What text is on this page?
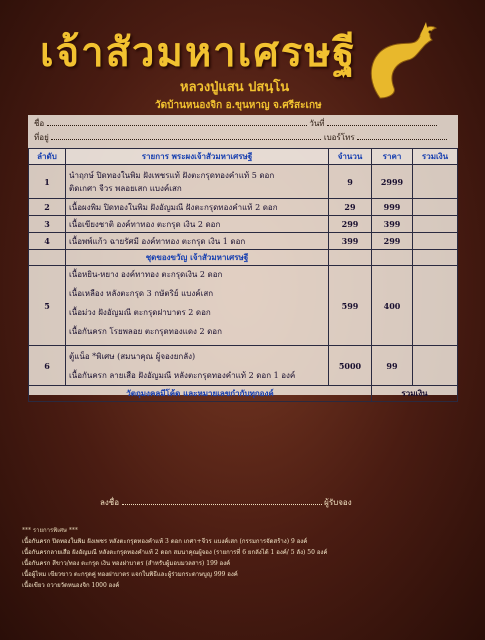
เจ้าสัวมหาเศรษฐี
หลวงปู่แสน ปสนฺโน
วัดบ้านหนองจิก อ.ขุนหาญ จ.ศรีสะเกษ
ชื่อ	วันที่
ที่อยู่	เบอร์โทร
ลำดับ	รายการ พระผงเจ้าสัวมหาเศรษฐี	จำนวน	ราคา	รวมเงิน
1	นำฤกษ์ ปิดทองในพิม ฝังเพชรแท้ ฝังตะกรุดทองคำแท้ 5 ดอก
ติดเกศา จีวร พลอยเสก แบงค์เสก	9	2999	
2	เนื้อผงพิม ปิดทองในพิม ฝังอัญมณี ฝังตะกรุดทองคำแท้ 2 ดอก	29	999	
3	เนื้อเขียงชาติ องค์ทาทอง ตะกรุด เงิน 2 ดอก	299	399	
4	เนื้อพพ์แก้ว ฉายรัศมี องค์ทาทอง ตะกรุด เงิน 1 ดอก	399	299	
	ชุดของขวัญ เจ้าสัวมหาเศรษฐี			
5	เนื้อหยิน-หยาง องค์ทาทอง ตะกรุดเงิน 2 ดอก
เนื้อเหลือง หลังตะกรุด 3 กษัตริย์ แบงค์เสก
เนื้อม่วง ฝังอัญมณี ตะกรุดฝาบาตร 2 ดอก
เนื้อกันครก โรยพลอย ตะกรุดทองแดง 2 ดอก	599	400	
6	ตู้แน็อ *พิเศษ (สมนาคุณ ผู้จองยกลัง)
เนื้อกันครก ลายเสือ ฝังอัญมณี หลังตะกรุดทองคำแท้ 2 ดอก 1 องค์	5000	99	
วัตถุมงคลมีโค้ด และหมายเลขกำกับทุกองค์			รวมเงิน	
ลงชื่อ	ผู้รับจอง
*** รายการพิเศษ ***
เนื้อกันครก ปิดทองในพิม ฝังเพชร หลังตะกรุดทองคำแท้ 3 ดอก เกศา+จีวร แบงค์เสก (กรรมการจัดสร้าง) 9 องค์
เนื้อกันครกลายเสือ ฝังอัญมณี หลังตะกรุดทองคำแท้ 2 ดอก สมนาคุณผู้จอง (รายการที่ 6 ยกลังได้ 1 องค์/ 5 ลัง) 50 องค์
เนื้อกันครก สีขาว/ทอง ตะกรุด เงิน ทองฝาบาตร (สำหรับผู้มอบมวลสาร) 199 องค์
เนื้อผู้ไหม เขียวขาว ตะกรุดคู่ ทองฝาบาตร แจกในพิธีและผู้ร่วมกระดาษบูญ 999 องค์
เนื้อเขียว ถวายวัดหนองจิก 1000 องค์
